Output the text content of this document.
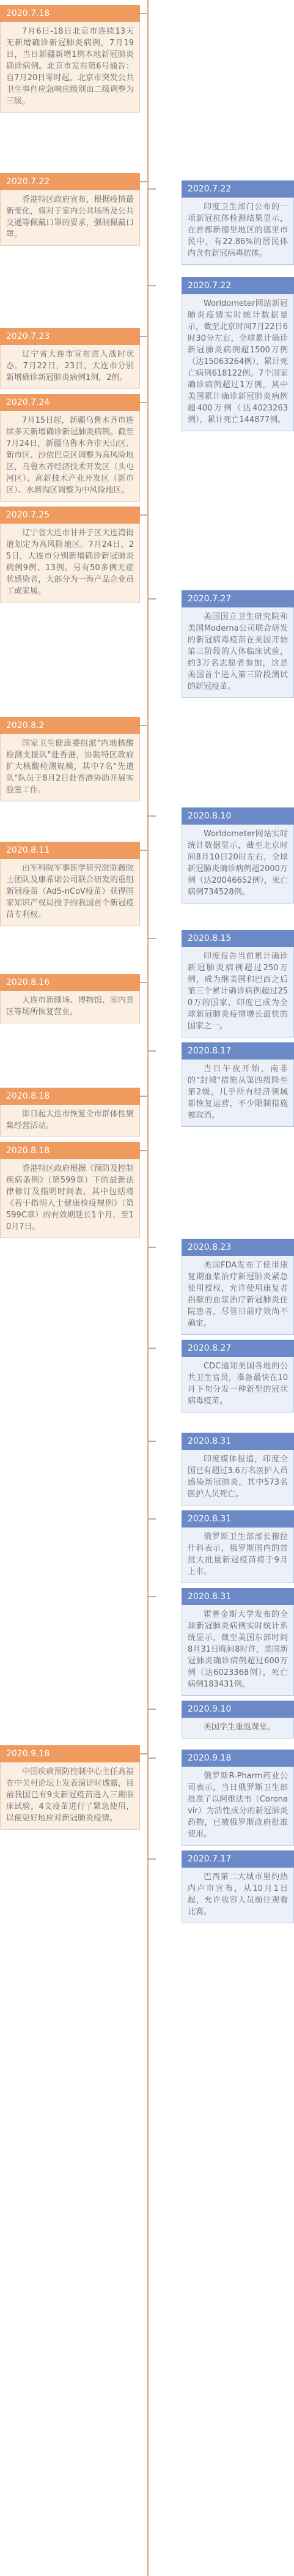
2020.7.18
7月6日-18日北京市连续13天无新增确诊新冠肺炎病例，7月19日，当日新疆新增1例本地新冠肺炎确诊病例。北京市发布第6号通告：自7月20日零时起，北京市突发公共卫生事件应急响应级别由二级调整为三级。
2020.7.22
香港特区政府宣布，根据疫情最新变化，将对于室内公共场所及公共交通等佩戴口罩的要求，强制佩戴口罩。
2020.7.22
印度卫生部门公布的一项新冠抗体检测结果显示，在首都新德里地区的德里市民中，有22.86%的居民体内含有新冠病毒抗体。
2020.7.22
Worldometer网站新冠肺炎疫情实时统计数据显示，截至北京时间7月22日6时30分左右，全球累计确诊新冠肺炎病例超1500万例（达15063264例），累计死亡病例618122例。7个国家确诊病例超过1万例，其中美国累计确诊新冠肺炎病例超400万例（达4023263例），累计死亡144877例。
2020.7.23
辽宁省大连市宣布进入战时状态。7月22日，23日，大连市分别新增确诊新冠肺炎病例1例，2例。
2020.7.24
7月15日起，新疆乌鲁木齐市连续多天新增确诊新冠肺炎病例。截至7月24日，新疆乌鲁木齐市天山区、新市区、沙依巴克区调整为高风险地区，乌鲁木齐经济技术开发区（头屯河区）、高新技术产业开发区（新市区）、水磨沟区调整为中风险地区。
2020.7.25
辽宁省大连市甘井子区大连湾街道划定为高风险地区。7月24日、25日，大连市分别新增确诊新冠肺炎病例9例、13例。另有50多例无症状感染者，大部分为一海产品企业员工或家属。
2020.7.27
美国国立卫生研究院和美国Moderna公司联合研发的新冠病毒疫苗在美国开始第三阶段的人体临床试验，约3万名志愿者参加，这是美国首个进入第三阶段测试的新冠疫苗。
2020.8.2
国家卫生健康委组派"内地核酸检测支援队"赴香港，协助特区政府扩大核酸检测规模，其中7名"先遣队"队员于8月2日赴香港协助开展实验室工作。
2020.8.10
Worldometer网站实时统计数据显示，截至北京时间8月10日20时左右，全球新冠肺炎确诊病例超2000万例（达20046652例），死亡病例734528例。
2020.8.11
由军科院军事医学研究院陈薇院士团队及康希诺公司联合研发的重组新冠疫苗（Ad5-nCoV疫苗）获得国家知识产权局授予的我国首个新冠疫苗专利权。
2020.8.15
印度报告当前累计确诊新冠肺炎病例超过250万例，成为继美国和巴西之后第三个累计确诊病例超过250万的国家，印度已成为全球新冠肺炎疫情增长最快的国家之一。
2020.8.16
大连市新剧场、博物馆、室内景区等场所恢复营业。
2020.8.17
当日午夜开始，南非的"封城"措施从第四级降至第2级，几乎所有经济领域都恢复运营，不少限制措施被取消。
2020.8.18
即日起大连市恢复全市群体性聚集经营活动。
2020.8.18
香港特区政府根据《预防及控制疾病条例》（第599章）下的最新法律修订及指明时间表，其中包括将《若干指明人士健康检疫规例》（第599C章）的有效期延长1个月，至10月7日。
2020.8.23
美国FDA发布了使用康复期血浆治疗新冠肺炎紧急使用授权，允许使用康复者捐献的血浆治疗新冠肺炎住院患者，尽管目前疗效尚不确定。
2020.8.27
CDC通知美国各地的公共卫生官员，准备最快在10月下旬分发一种新型的冠状病毒疫苗。
2020.8.31
印度媒体报道，印度全国已有超过3.6万名医护人员感染新冠肺炎，其中573名医护人员死亡。
2020.8.31
俄罗斯卫生部部长穆拉什科表示，俄罗斯国内的首批大批量新冠疫苗将于9月上市。
2020.8.31
霍普金斯大学发布的全球新冠肺炎病例实时统计系统显示，截至美国东部时间8月31日晚间8时许，美国新冠肺炎确诊病例超过600万例（达6023368例），死亡病例183431例。
2020.9.10
美国学生重返课堂。
2020.9.18
中国疾病预防控制中心主任高福在中关村论坛上发表演讲时透露，目前我国已有9支新冠疫苗进入三期临床试验，4支疫苗进行了紧急使用，以便更好地应对新冠肺炎疫情。
2020.9.18
俄罗斯R-Pharm药业公司表示，当日俄罗斯卫生部批准了以阿维法韦（Coronavir）为活性成分的新冠肺炎药物，已被俄罗斯政府批准使用。
2020.7.17
巴西第二大城市里约热内卢市宣布，从10月1日起，允许收容人员前往观看比赛。
